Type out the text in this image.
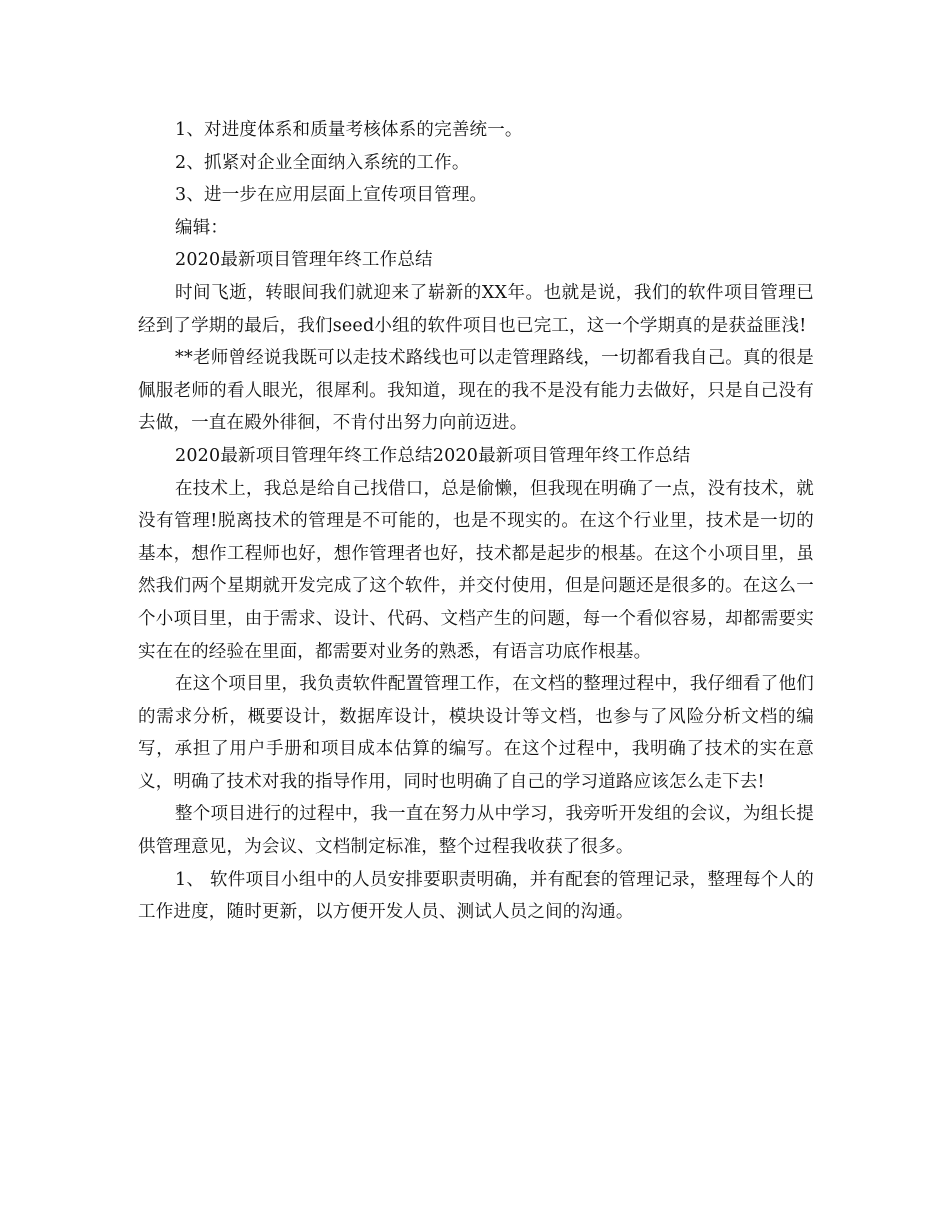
1、对进度体系和质量考核体系的完善统一。

2、抓紧对企业全面纳入系统的工作。

3、进一步在应用层面上宣传项目管理。

编辑：

2020最新项目管理年终工作总结

时间飞逝，转眼间我们就迎来了崭新的XX年。也就是说，我们的软件项目管理已经到了学期的最后，我们seed小组的软件项目也已完工，这一个学期真的是获益匪浅!

**老师曾经说我既可以走技术路线也可以走管理路线，一切都看我自己。真的很是佩服老师的看人眼光，很犀利。我知道，现在的我不是没有能力去做好，只是自己没有去做，一直在殿外徘徊，不肯付出努力向前迈进。

2020最新项目管理年终工作总结2020最新项目管理年终工作总结

在技术上，我总是给自己找借口，总是偷懒，但我现在明确了一点，没有技术，就没有管理!脱离技术的管理是不可能的，也是不现实的。在这个行业里，技术是一切的基本，想作工程师也好，想作管理者也好，技术都是起步的根基。在这个小项目里，虽然我们两个星期就开发完成了这个软件，并交付使用，但是问题还是很多的。在这么一个小项目里，由于需求、设计、代码、文档产生的问题，每一个看似容易，却都需要实实在在的经验在里面，都需要对业务的熟悉，有语言功底作根基。

在这个项目里，我负责软件配置管理工作，在文档的整理过程中，我仔细看了他们的需求分析，概要设计，数据库设计，模块设计等文档，也参与了风险分析文档的编写，承担了用户手册和项目成本估算的编写。在这个过程中，我明确了技术的实在意义，明确了技术对我的指导作用，同时也明确了自己的学习道路应该怎么走下去!

整个项目进行的过程中，我一直在努力从中学习，我旁听开发组的会议，为组长提供管理意见，为会议、文档制定标准，整个过程我收获了很多。

1、 软件项目小组中的人员安排要职责明确，并有配套的管理记录，整理每个人的工作进度，随时更新，以方便开发人员、测试人员之间的沟通。
